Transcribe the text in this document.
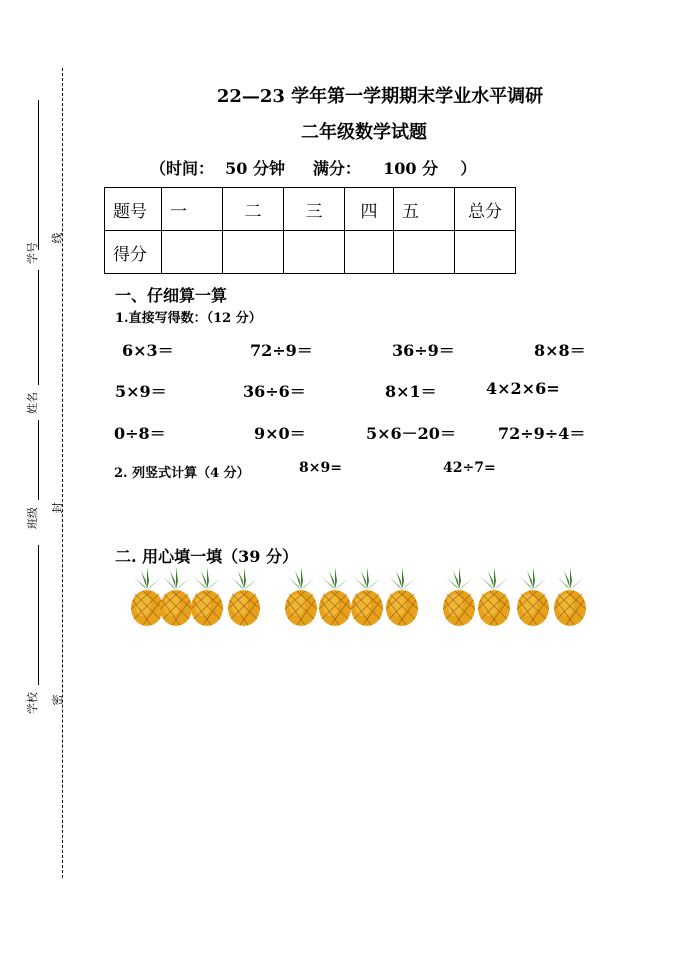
学号
线
姓名
班级 封
学校 密
22—23 学年第一学期期末学业水平调研
二年级数学试题
（时间：  50 分钟     满分：    100 分    ）
题号	一	二	三	四	五	总分
得分						
一、仔细算一算
1.直接写得数：（12 分）
6×3＝	72÷9＝	36÷9＝	8×8＝
5×9＝	36÷6＝	8×1＝	4×2×6=
0÷8＝	9×0＝	5×6－20＝	72÷9÷4＝
2. 列竖式计算（4 分）	8×9=	42÷7=
二. 用心填一填（39 分）
